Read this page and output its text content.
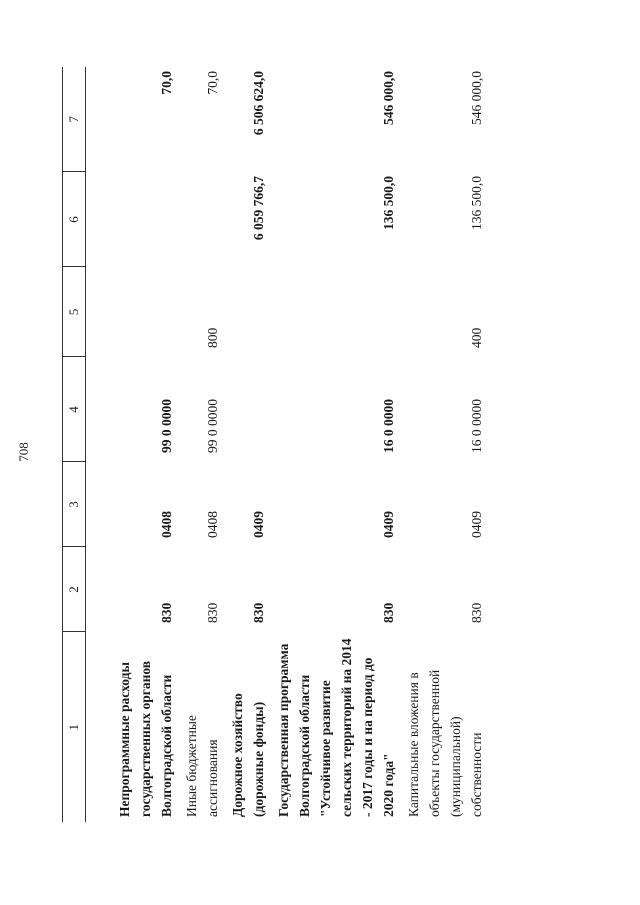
708
1	2	3	4	5	6	7
Непрограммные расходы государственных органов Волгоградской области	830	0408	99 0 0000			70,0
Иные бюджетные ассигнования	830	0408	99 0 0000	800		70,0
Дорожное хозяйство (дорожные фонды)	830	0409			6 059 766,7	6 506 624,0
Государственная программа Волгоградской области "Устойчивое развитие сельских территорий на 2014 - 2017 годы и на период до 2020 года"	830	0409	16 0 0000		136 500,0	546 000,0
Капитальные вложения в объекты государственной (муниципальной) собственности	830	0409	16 0 0000	400	136 500,0	546 000,0
